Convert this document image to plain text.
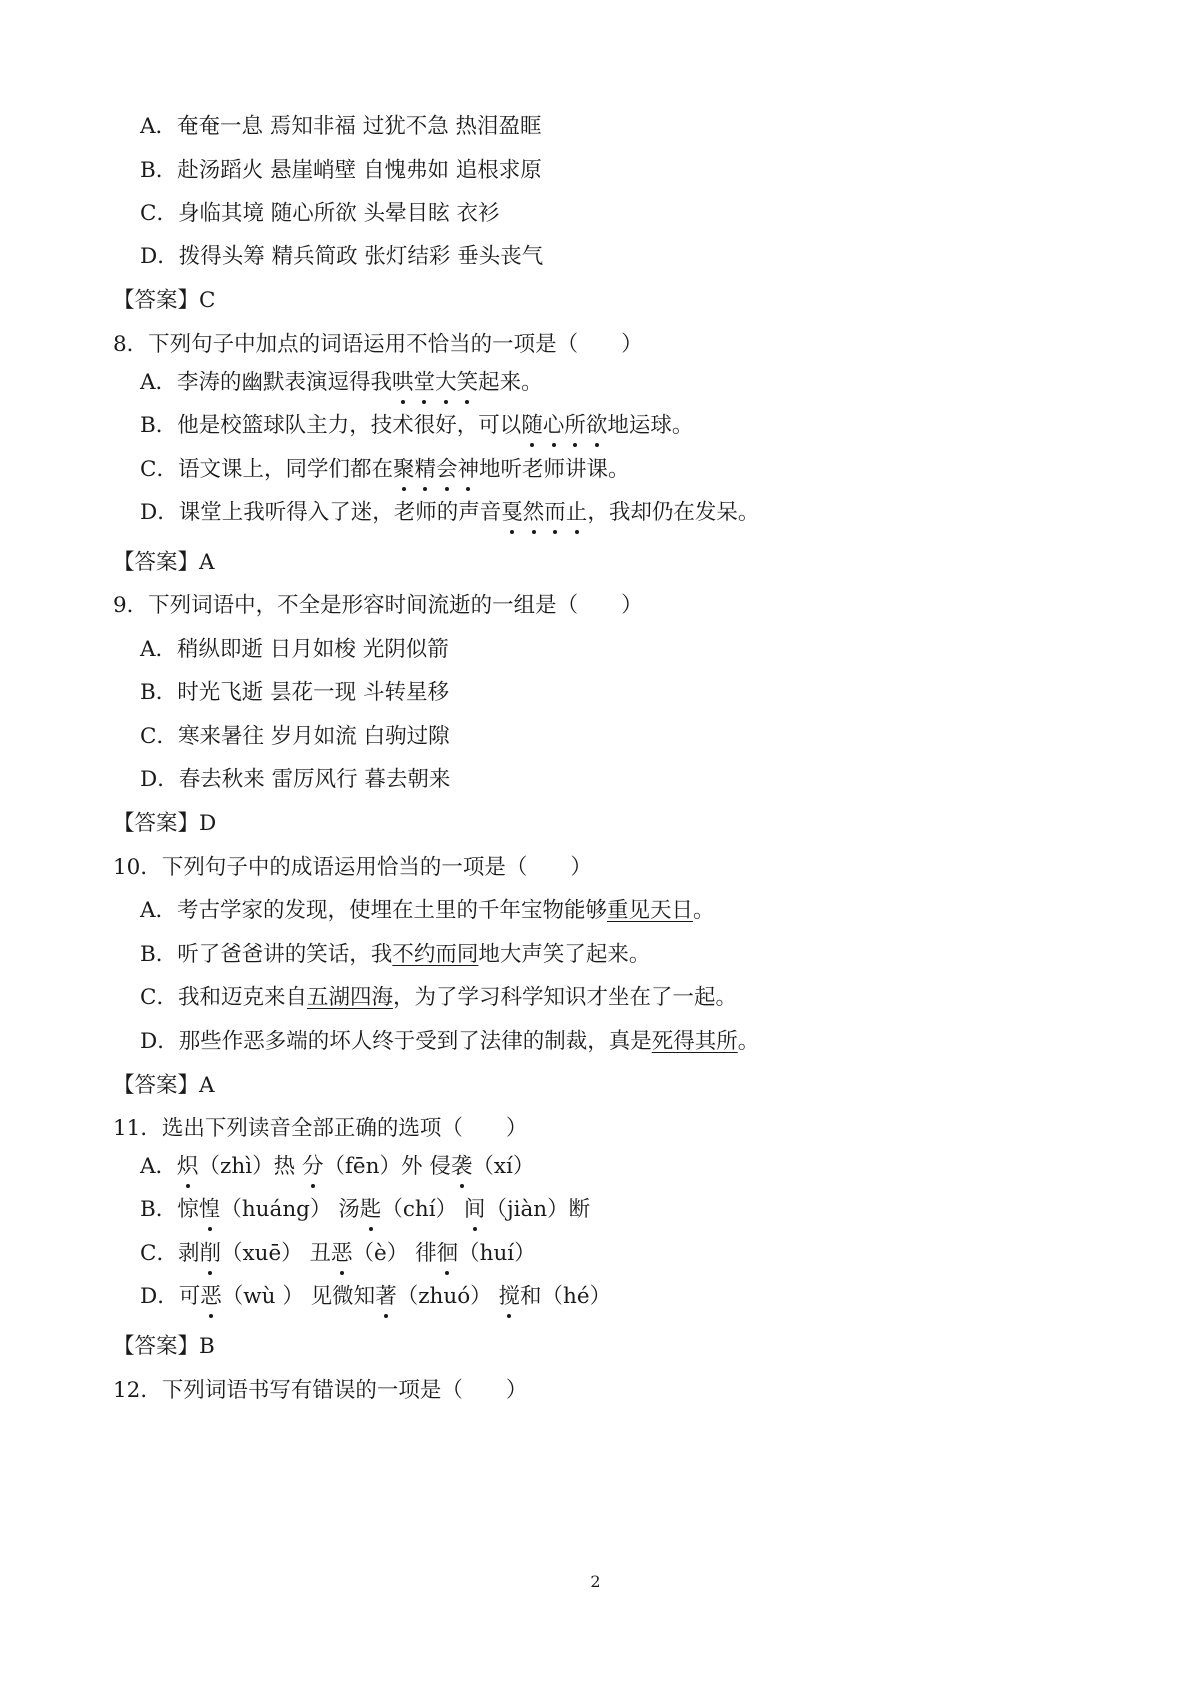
A．奄奄一息 焉知非福 过犹不急 热泪盈眶
B．赴汤蹈火 悬崖峭壁 自愧弗如 追根求原
C．身临其境 随心所欲 头晕目眩 衣衫
D．拨得头筹 精兵简政 张灯结彩 垂头丧气
【答案】C
8．下列句子中加点的词语运用不恰当的一项是（　　）
A．李涛的幽默表演逗得我哄堂大笑起来。
B．他是校篮球队主力，技术很好，可以随心所欲地运球。
C．语文课上，同学们都在聚精会神地听老师讲课。
D．课堂上我听得入了迷，老师的声音戛然而止，我却仍在发呆。
【答案】A
9．下列词语中，不全是形容时间流逝的一组是（　　）
A．稍纵即逝 日月如梭 光阴似箭
B．时光飞逝 昙花一现 斗转星移
C．寒来暑往 岁月如流 白驹过隙
D．春去秋来 雷厉风行 暮去朝来
【答案】D
10．下列句子中的成语运用恰当的一项是（　　）
A．考古学家的发现，使埋在土里的千年宝物能够重见天日。
B．听了爸爸讲的笑话，我不约而同地大声笑了起来。
C．我和迈克来自五湖四海，为了学习科学知识才坐在了一起。
D．那些作恶多端的坏人终于受到了法律的制裁，真是死得其所。
【答案】A
11．选出下列读音全部正确的选项（　　）
A．炽（zhì）热 分（fēn）外 侵袭（xí）
B．惊惶（huáng） 汤匙（chí） 间（jiàn）断
C．剥削（xuē） 丑恶（è） 徘徊（huí）
D．可恶（wù ） 见微知著（zhuó） 搅和（hé）
【答案】B
12．下列词语书写有错误的一项是（　　）
2
